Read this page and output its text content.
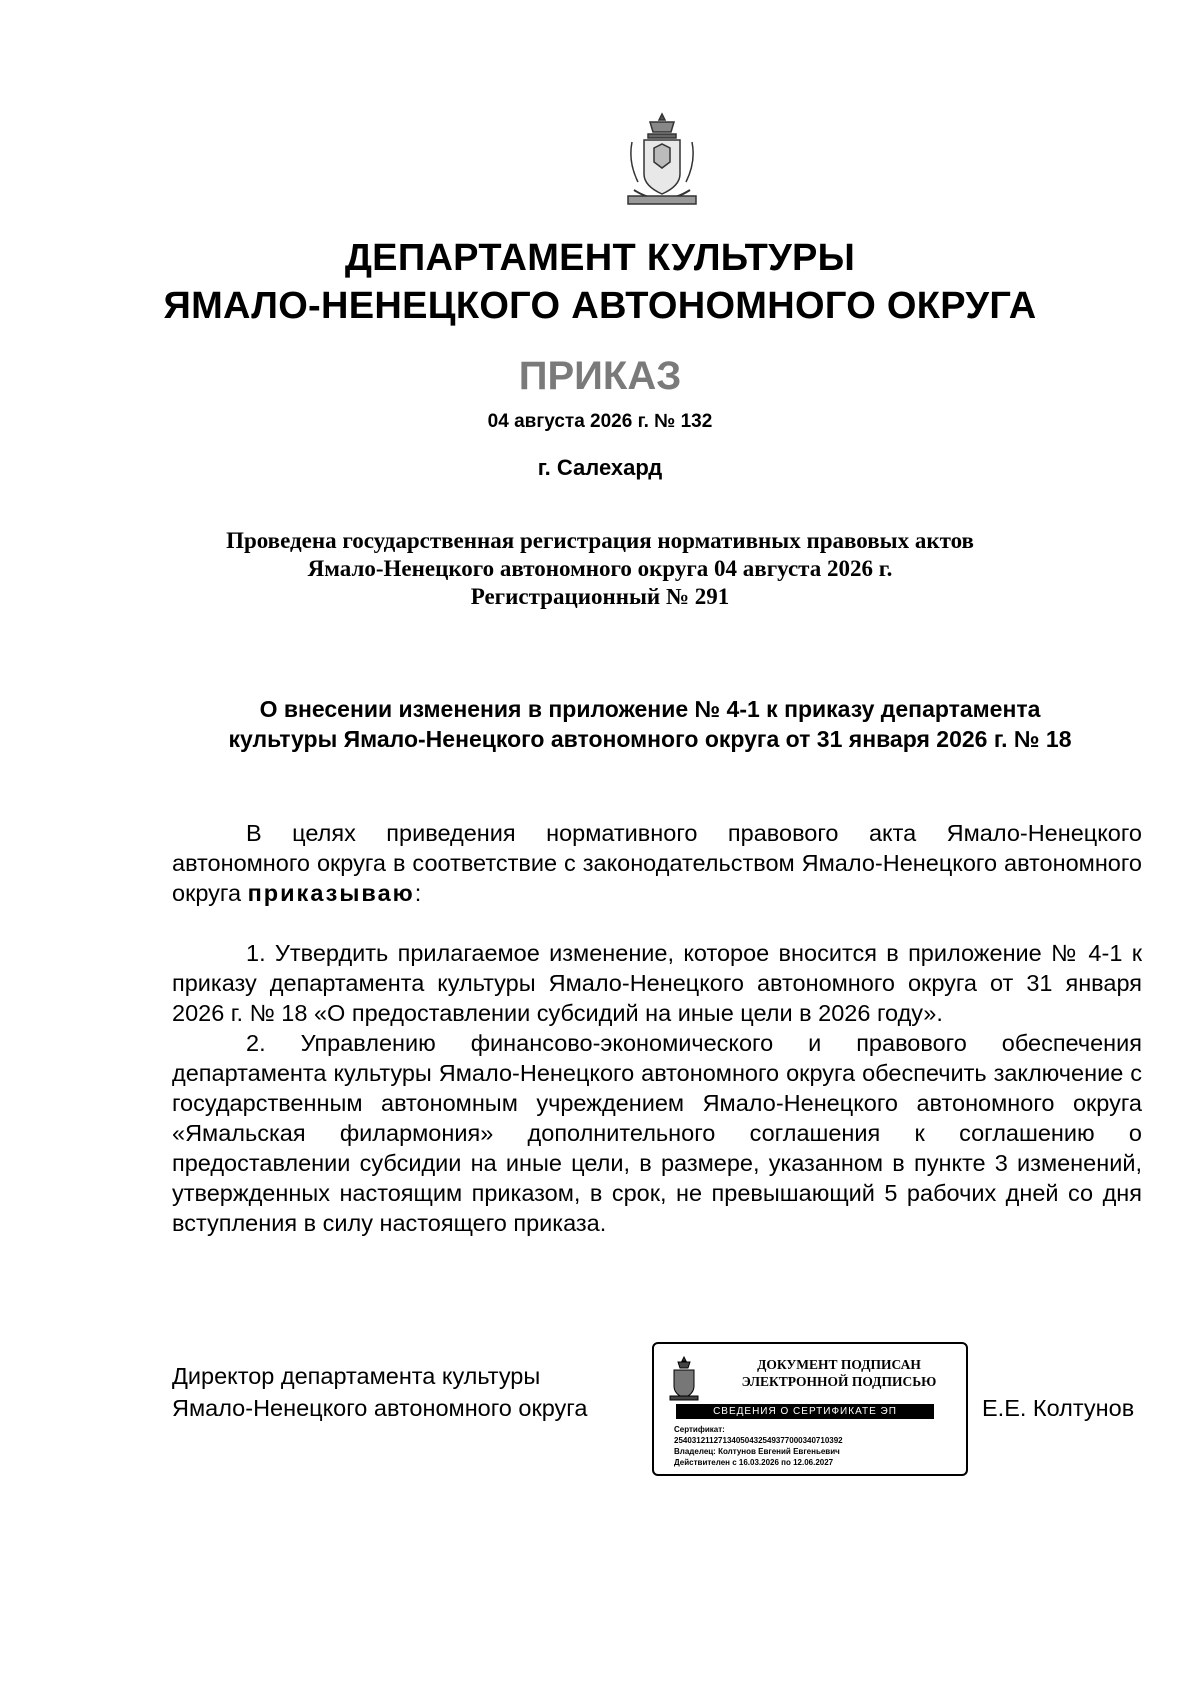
ДЕПАРТАМЕНТ КУЛЬТУРЫ
ЯМАЛО-НЕНЕЦКОГО АВТОНОМНОГО ОКРУГА
ПРИКАЗ
04 августа 2026 г. № 132
г. Салехард
Проведена государственная регистрация нормативных правовых актов
Ямало-Ненецкого автономного округа 04 августа 2026 г.
Регистрационный № 291
О внесении изменения в приложение № 4-1 к приказу департамента
культуры Ямало-Ненецкого автономного округа от 31 января 2026 г. № 18

В целях приведения нормативного правового акта Ямало-Ненецкого автономного округа в соответствие с законодательством Ямало-Ненецкого автономного округа приказываю:

1. Утвердить прилагаемое изменение, которое вносится в приложение № 4-1 к приказу департамента культуры Ямало-Ненецкого автономного округа от 31 января 2026 г. № 18 «О предоставлении субсидий на иные цели в 2026 году».

2. Управлению финансово-экономического и правового обеспечения департамента культуры Ямало-Ненецкого автономного округа обеспечить заключение с государственным автономным учреждением Ямало-Ненецкого автономного округа «Ямальская филармония» дополнительного соглашения к соглашению о предоставлении субсидии на иные цели, в размере, указанном в пункте 3 изменений, утвержденных настоящим приказом, в срок, не превышающий 5 рабочих дней со дня вступления в силу настоящего приказа.

Директор департамента культуры
Ямало-Ненецкого автономного округа
ДОКУМЕНТ ПОДПИСАН
ЭЛЕКТРОННОЙ ПОДПИСЬЮ
СВЕДЕНИЯ О СЕРТИФИКАТЕ ЭП
Сертификат:
25403121127134050432549377000340710392
Владелец: Колтунов Евгений Евгеньевич
Действителен с 16.03.2026 по 12.06.2027
Е.Е. Колтунов
